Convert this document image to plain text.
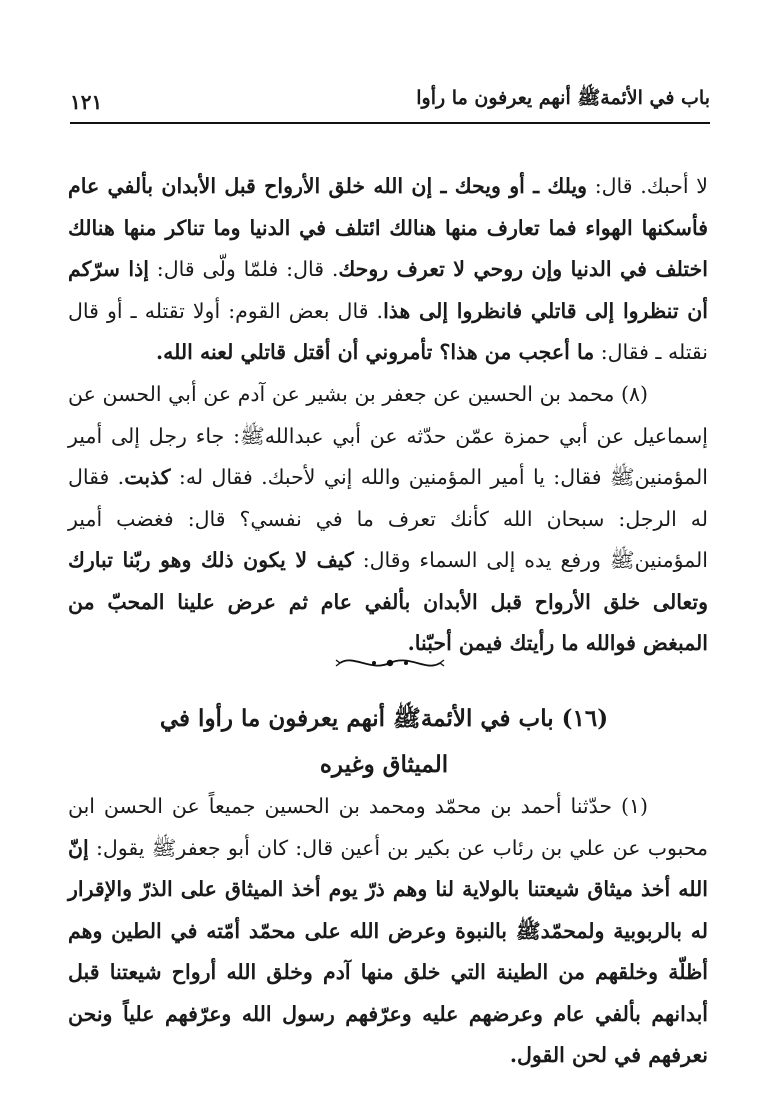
باب في الأئمةﷺ أنهم يعرفون ما رأوا
١٢١

لا أحبك. قال: ويلك ـ أو ويحك ـ إن الله خلق الأرواح قبل الأبدان بألفي عام فأسكنها الهواء فما تعارف منها هنالك ائتلف في الدنيا وما تناكر منها هنالك اختلف في الدنيا وإن روحي لا تعرف روحك. قال: فلمّا ولّى قال: إذا سرّكم أن تنظروا إلى قاتلي فانظروا إلى هذا. قال بعض القوم: أولا تقتله ـ أو قال نقتله ـ فقال: ما أعجب من هذا؟ تأمروني أن أقتل قاتلي لعنه الله.

(٨) محمد بن الحسين عن جعفر بن بشير عن آدم عن أبي الحسن عن إسماعيل عن أبي حمزة عمّن حدّثه عن أبي عبداللهﷺ: جاء رجل إلى أمير المؤمنينﷺ فقال: يا أمير المؤمنين والله إني لأحبك. فقال له: كذبت. فقال له الرجل: سبحان الله كأنك تعرف ما في نفسي؟ قال: فغضب أمير المؤمنينﷺ ورفع يده إلى السماء وقال: كيف لا يكون ذلك وهو ربّنا تبارك وتعالى خلق الأرواح قبل الأبدان بألفي عام ثم عرض علينا المحبّ من المبغض فوالله ما رأيتك فيمن أحبّنا.

(١٦) باب في الأئمةﷺ أنهم يعرفون ما رأوا في
الميثاق وغيره

(١) حدّثنا أحمد بن محمّد ومحمد بن الحسين جميعاً عن الحسن ابن محبوب عن علي بن رئاب عن بكير بن أعين قال: كان أبو جعفرﷺ يقول: إنّ الله أخذ ميثاق شيعتنا بالولاية لنا وهم ذرّ يوم أخذ الميثاق على الذرّ والإقرار له بالربوبية ولمحمّدﷺ بالنبوة وعرض الله على محمّد أمّته في الطين وهم أظلّة وخلقهم من الطينة التي خلق منها آدم وخلق الله أرواح شيعتنا قبل أبدانهم بألفي عام وعرضهم عليه وعرّفهم رسول الله وعرّفهم علياً ونحن نعرفهم في لحن القول.
